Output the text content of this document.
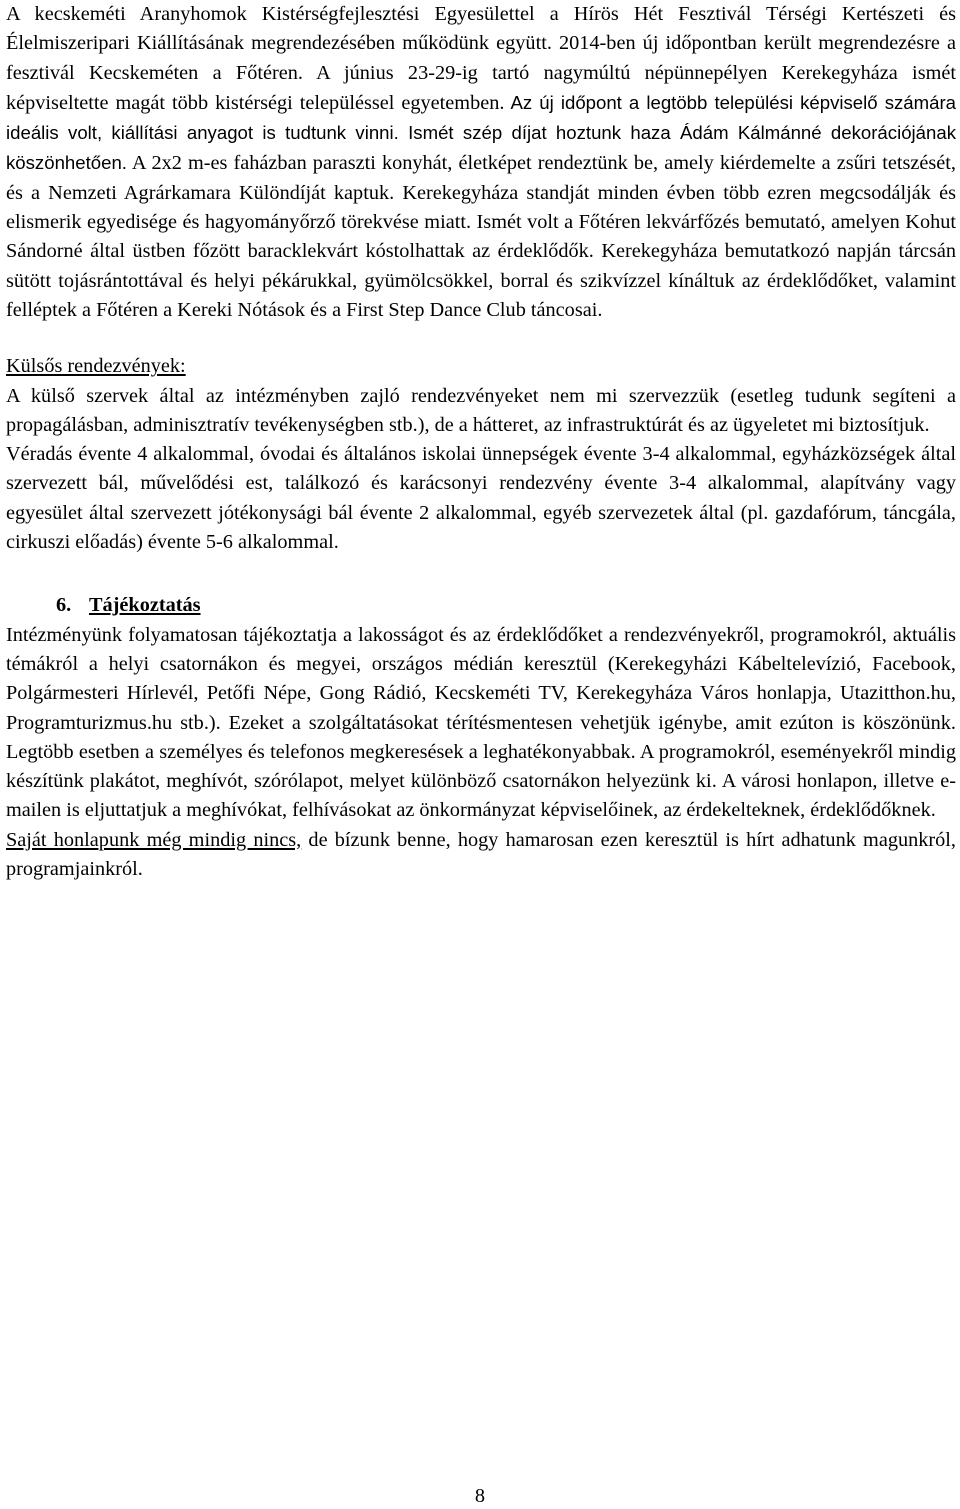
A kecskeméti Aranyhomok Kistérségfejlesztési Egyesülettel a Hírös Hét Fesztivál Térségi Kertészeti és Élelmiszeripari Kiállításának megrendezésében működünk együtt. 2014-ben új időpontban került megrendezésre a fesztivál Kecskeméten a Főtéren. A június 23-29-ig tartó nagymúltú népünnepélyen Kerekegyháza ismét képviseltette magát több kistérségi településsel egyetemben. Az új időpont a legtöbb települési képviselő számára ideális volt, kiállítási anyagot is tudtunk vinni. Ismét szép díjat hoztunk haza Ádám Kálmánné dekorációjának köszönhetően. A 2x2 m-es faházban paraszti konyhát, életképet rendeztünk be, amely kiérdemelte a zsűri tetszését, és a Nemzeti Agrárkamara Különdíját kaptuk. Kerekegyháza standját minden évben több ezren megcsodálják és elismerik egyedisége és hagyományőrző törekvése miatt. Ismét volt a Főtéren lekvárfőzés bemutató, amelyen Kohut Sándorné által üstben főzött baracklekvárt kóstolhattak az érdeklődők. Kerekegyháza bemutatkozó napján tárcsán sütött tojásrántottával és helyi pékárukkal, gyümölcsökkel, borral és szikvízzel kínáltuk az érdeklődőket, valamint felléptek a Főtéren a Kereki Nótások és a First Step Dance Club táncosai.

Külsős rendezvények:

A külső szervek által az intézményben zajló rendezvényeket nem mi szervezzük (esetleg tudunk segíteni a propagálásban, adminisztratív tevékenységben stb.), de a hátteret, az infrastruktúrát és az ügyeletet mi biztosítjuk.

Véradás évente 4 alkalommal, óvodai és általános iskolai ünnepségek évente 3-4 alkalommal, egyházközségek által szervezett bál, művelődési est, találkozó és karácsonyi rendezvény évente 3-4 alkalommal, alapítvány vagy egyesület által szervezett jótékonysági bál évente 2 alkalommal, egyéb szervezetek által (pl. gazdafórum, táncgála, cirkuszi előadás) évente 5-6 alkalommal.

6. Tájékoztatás

Intézményünk folyamatosan tájékoztatja a lakosságot és az érdeklődőket a rendezvényekről, programokról, aktuális témákról a helyi csatornákon és megyei, országos médián keresztül (Kerekegyházi Kábeltelevízió, Facebook, Polgármesteri Hírlevél, Petőfi Népe, Gong Rádió, Kecskeméti TV, Kerekegyháza Város honlapja, Utazitthon.hu, Programturizmus.hu stb.). Ezeket a szolgáltatásokat térítésmentesen vehetjük igénybe, amit ezúton is köszönünk. Legtöbb esetben a személyes és telefonos megkeresések a leghatékonyabbak. A programokról, eseményekről mindig készítünk plakátot, meghívót, szórólapot, melyet különböző csatornákon helyezünk ki. A városi honlapon, illetve e-mailen is eljuttatjuk a meghívókat, felhívásokat az önkormányzat képviselőinek, az érdekelteknek, érdeklődőknek.

Saját honlapunk még mindig nincs, de bízunk benne, hogy hamarosan ezen keresztül is hírt adhatunk magunkról, programjainkról.

8
